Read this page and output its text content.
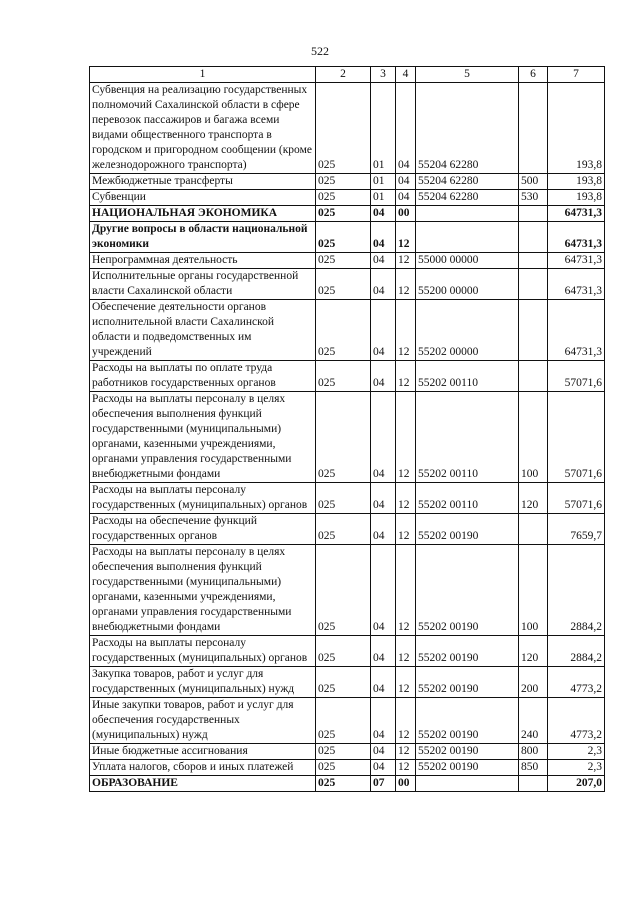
522
1	2	3	4	5	6	7
Субвенция на реализацию государственных полномочий Сахалинской области в сфере перевозок пассажиров и багажа всеми видами общественного транспорта в городском и пригородном сообщении (кроме железнодорожного транспорта)	025	01	04	55204 62280		193,8
Межбюджетные трансферты	025	01	04	55204 62280	500	193,8
Субвенции	025	01	04	55204 62280	530	193,8
НАЦИОНАЛЬНАЯ ЭКОНОМИКА	025	04	00			64731,3
Другие вопросы в области национальной экономики	025	04	12			64731,3
Непрограммная деятельность	025	04	12	55000 00000		64731,3
Исполнительные органы государственной власти Сахалинской области	025	04	12	55200 00000		64731,3
Обеспечение деятельности органов исполнительной власти Сахалинской области и подведомственных им учреждений	025	04	12	55202 00000		64731,3
Расходы на выплаты по оплате труда работников государственных органов	025	04	12	55202 00110		57071,6
Расходы на выплаты персоналу в целях обеспечения выполнения функций государственными (муниципальными) органами, казенными учреждениями, органами управления государственными внебюджетными фондами	025	04	12	55202 00110	100	57071,6
Расходы на выплаты персоналу государственных (муниципальных) органов	025	04	12	55202 00110	120	57071,6
Расходы на обеспечение функций государственных органов	025	04	12	55202 00190		7659,7
Расходы на выплаты персоналу в целях обеспечения выполнения функций государственными (муниципальными) органами, казенными учреждениями, органами управления государственными внебюджетными фондами	025	04	12	55202 00190	100	2884,2
Расходы на выплаты персоналу государственных (муниципальных) органов	025	04	12	55202 00190	120	2884,2
Закупка товаров, работ и услуг для государственных (муниципальных) нужд	025	04	12	55202 00190	200	4773,2
Иные закупки товаров, работ и услуг для обеспечения государственных (муниципальных) нужд	025	04	12	55202 00190	240	4773,2
Иные бюджетные ассигнования	025	04	12	55202 00190	800	2,3
Уплата налогов, сборов и иных платежей	025	04	12	55202 00190	850	2,3
ОБРАЗОВАНИЕ	025	07	00			207,0
